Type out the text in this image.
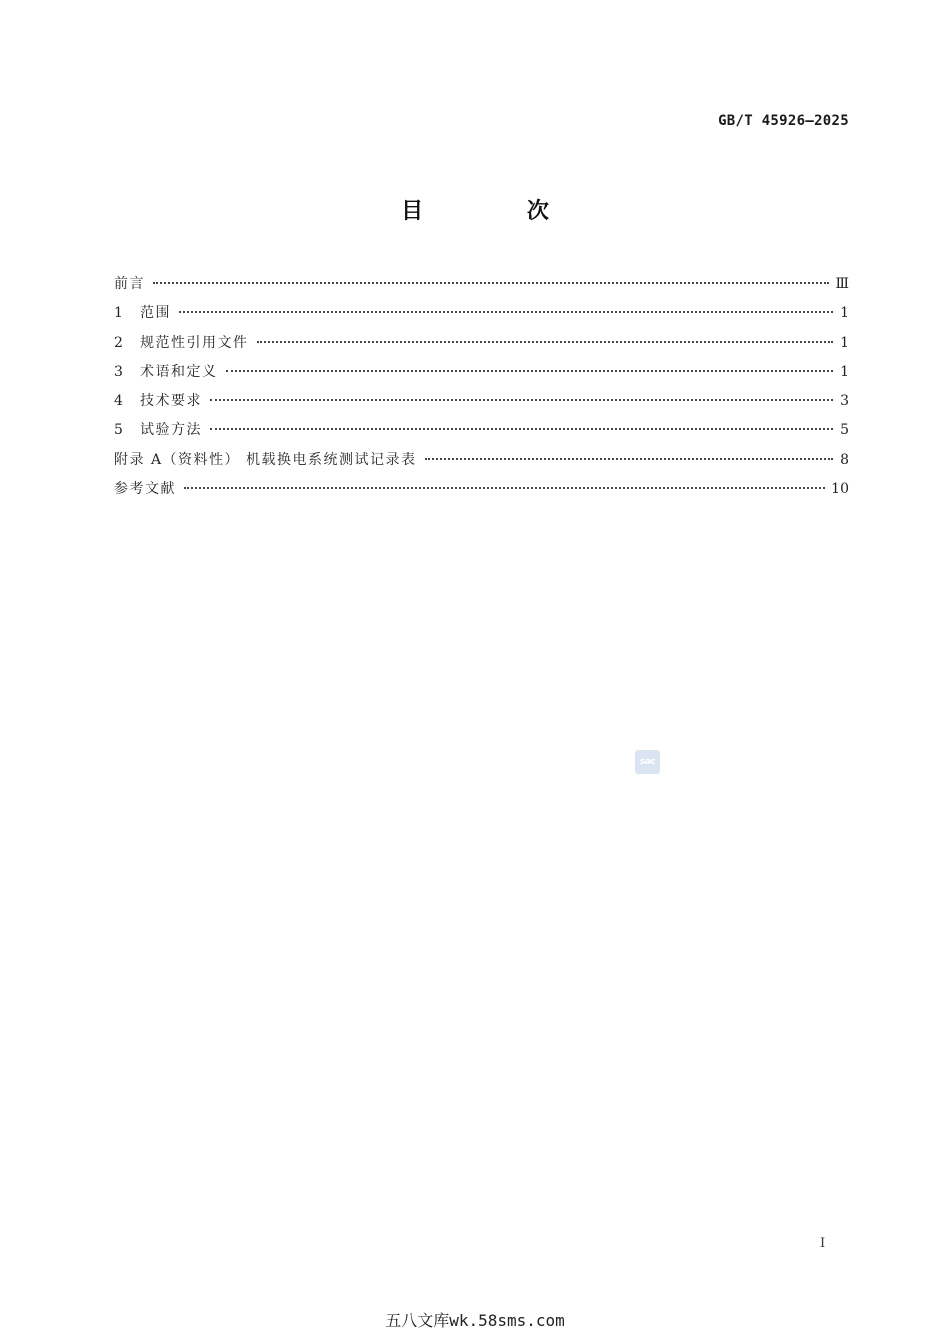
GB/T 45926—2025
目 次
前言	Ⅲ
1	范围	1
2	规范性引用文件	1
3	术语和定义	1
4	技术要求	3
5	试验方法	5
附录 A（资料性） 机载换电系统测试记录表	8
参考文献	10
sac
I
五八文库wk.58sms.com
